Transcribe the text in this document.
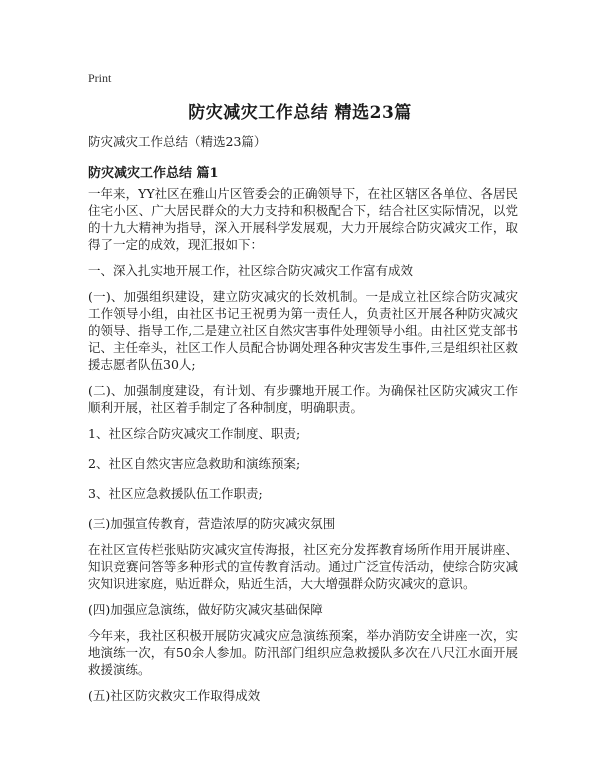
Print
防灾减灾工作总结 精选23篇
防灾减灾工作总结（精选23篇）
防灾减灾工作总结 篇1

一年来，YY社区在雅山片区管委会的正确领导下，在社区辖区各单位、各居民住宅小区、广大居民群众的大力支持和积极配合下，结合社区实际情况，以党的十九大精神为指导，深入开展科学发展观，大力开展综合防灾减灾工作，取得了一定的成效，现汇报如下：

一、深入扎实地开展工作，社区综合防灾减灾工作富有成效

(一)、加强组织建设，建立防灾减灾的长效机制。一是成立社区综合防灾减灾工作领导小组，由社区书记王祝勇为第一责任人，负责社区开展各种防灾减灾的领导、指导工作,二是建立社区自然灾害事件处理领导小组。由社区党支部书记、主任牵头，社区工作人员配合协调处理各种灾害发生事件,三是组织社区救援志愿者队伍30人;

(二)、加强制度建设，有计划、有步骤地开展工作。为确保社区防灾减灾工作顺利开展，社区着手制定了各种制度，明确职责。

1、社区综合防灾减灾工作制度、职责;

2、社区自然灾害应急救助和演练预案;

3、社区应急救援队伍工作职责;

(三)加强宣传教育，营造浓厚的防灾减灾氛围

在社区宣传栏张贴防灾减灾宣传海报，社区充分发挥教育场所作用开展讲座、知识竞赛问答等多种形式的宣传教育活动。通过广泛宣传活动，使综合防灾减灾知识进家庭，贴近群众，贴近生活，大大增强群众防灾减灾的意识。

(四)加强应急演练，做好防灾减灾基础保障

今年来，我社区积极开展防灾减灾应急演练预案，举办消防安全讲座一次，实地演练一次，有50余人参加。防汛部门组织应急救援队多次在八尺江水面开展救援演练。

(五)社区防灾救灾工作取得成效
